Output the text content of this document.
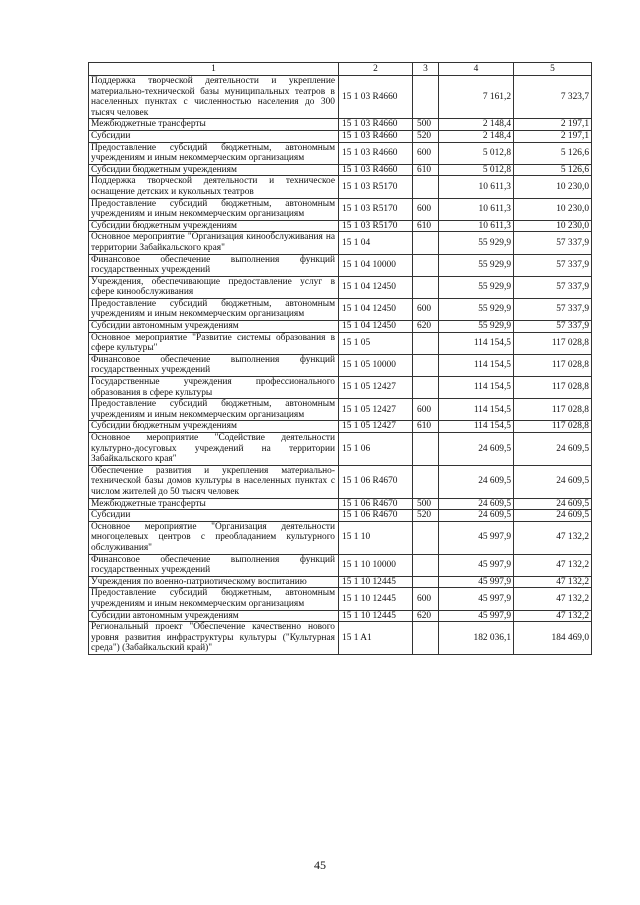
1	2	3	4	5
Поддержка творческой деятельности и укрепление материально-технической базы муниципальных театров в населенных пунктах с численностью населения до 300 тысяч человек	15 1 03 R4660		7 161,2	7 323,7
Межбюджетные трансферты	15 1 03 R4660	500	2 148,4	2 197,1
Субсидии	15 1 03 R4660	520	2 148,4	2 197,1
Предоставление субсидий бюджетным, автономным учреждениям и иным некоммерческим организациям	15 1 03 R4660	600	5 012,8	5 126,6
Субсидии бюджетным учреждениям	15 1 03 R4660	610	5 012,8	5 126,6
Поддержка творческой деятельности и техническое оснащение детских и кукольных театров	15 1 03 R5170		10 611,3	10 230,0
Предоставление субсидий бюджетным, автономным учреждениям и иным некоммерческим организациям	15 1 03 R5170	600	10 611,3	10 230,0
Субсидии бюджетным учреждениям	15 1 03 R5170	610	10 611,3	10 230,0
Основное мероприятие "Организация кинообслуживания на территории Забайкальского края"	15 1 04		55 929,9	57 337,9
Финансовое обеспечение выполнения функций государственных учреждений	15 1 04 10000		55 929,9	57 337,9
Учреждения, обеспечивающие предоставление услуг в сфере кинообслуживания	15 1 04 12450		55 929,9	57 337,9
Предоставление субсидий бюджетным, автономным учреждениям и иным некоммерческим организациям	15 1 04 12450	600	55 929,9	57 337,9
Субсидии автономным учреждениям	15 1 04 12450	620	55 929,9	57 337,9
Основное мероприятие "Развитие системы образования в сфере культуры"	15 1 05		114 154,5	117 028,8
Финансовое обеспечение выполнения функций государственных учреждений	15 1 05 10000		114 154,5	117 028,8
Государственные учреждения профессионального образования в сфере культуры	15 1 05 12427		114 154,5	117 028,8
Предоставление субсидий бюджетным, автономным учреждениям и иным некоммерческим организациям	15 1 05 12427	600	114 154,5	117 028,8
Субсидии бюджетным учреждениям	15 1 05 12427	610	114 154,5	117 028,8
Основное мероприятие "Содействие деятельности культурно-досуговых учреждений на территории Забайкальского края"	15 1 06		24 609,5	24 609,5
Обеспечение развития и укрепления материально-технической базы домов культуры в населенных пунктах с числом жителей до 50 тысяч человек	15 1 06 R4670		24 609,5	24 609,5
Межбюджетные трансферты	15 1 06 R4670	500	24 609,5	24 609,5
Субсидии	15 1 06 R4670	520	24 609,5	24 609,5
Основное мероприятие "Организация деятельности многоцелевых центров с преобладанием культурного обслуживания"	15 1 10		45 997,9	47 132,2
Финансовое обеспечение выполнения функций государственных учреждений	15 1 10 10000		45 997,9	47 132,2
Учреждения по военно-патриотическому воспитанию	15 1 10 12445		45 997,9	47 132,2
Предоставление субсидий бюджетным, автономным учреждениям и иным некоммерческим организациям	15 1 10 12445	600	45 997,9	47 132,2
Субсидии автономным учреждениям	15 1 10 12445	620	45 997,9	47 132,2
Региональный проект "Обеспечение качественно нового уровня развития инфраструктуры культуры ("Культурная среда") (Забайкальский край)"	15 1 A1		182 036,1	184 469,0
45
